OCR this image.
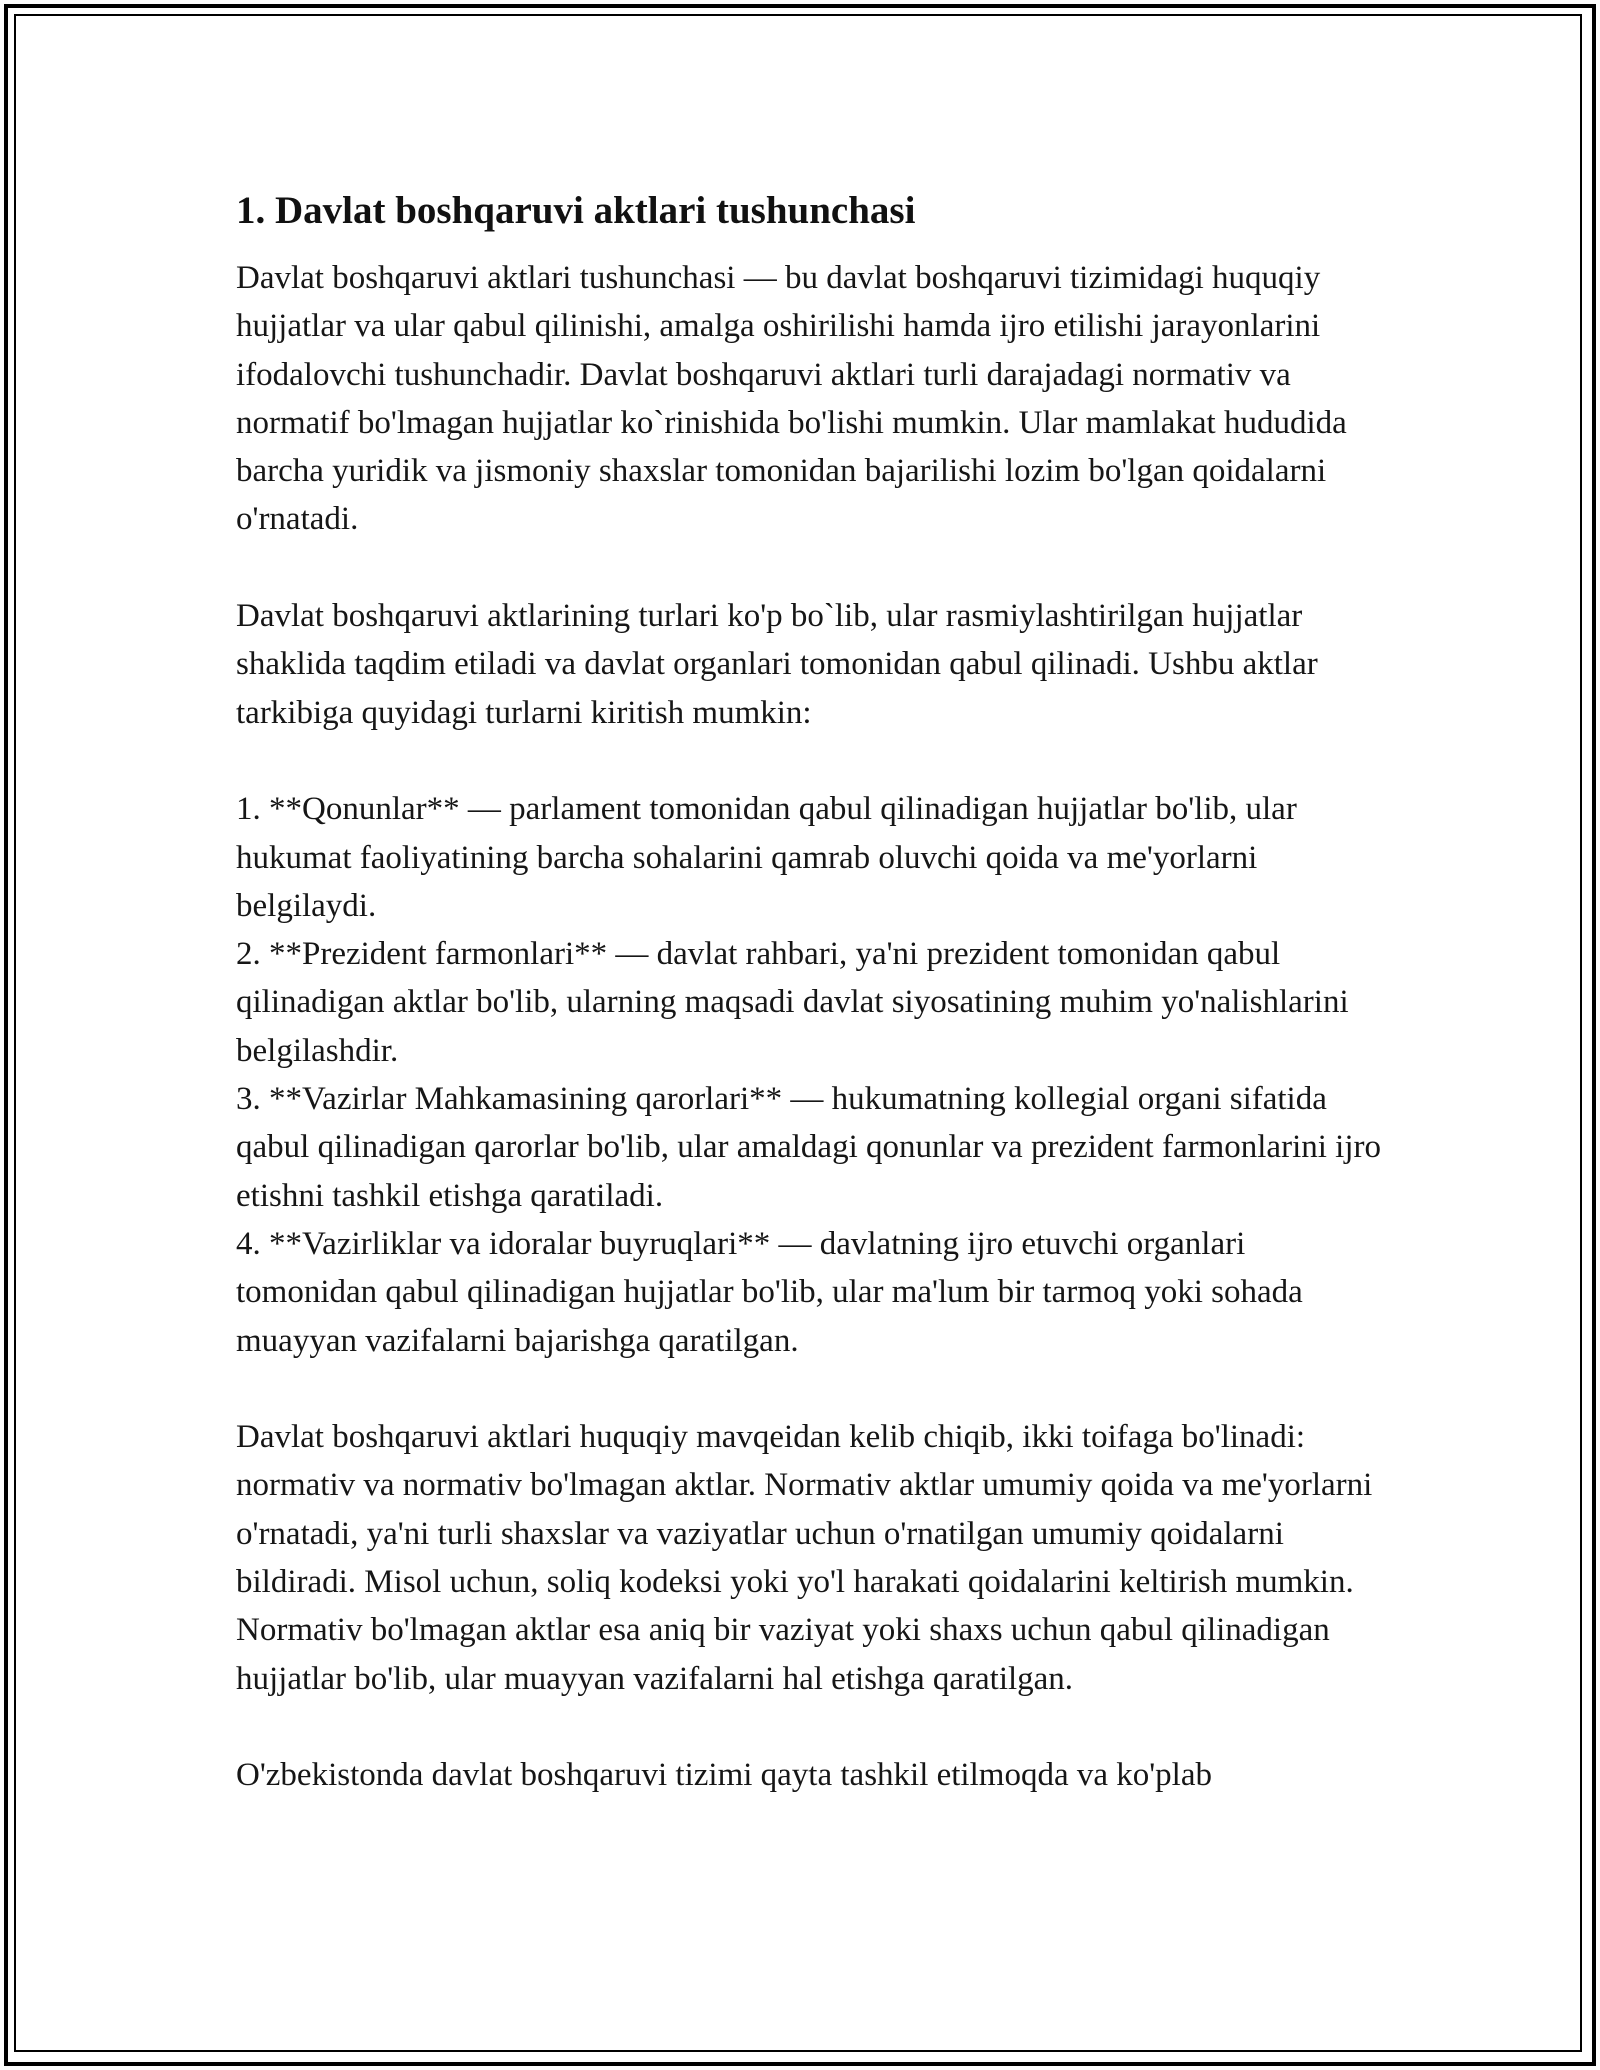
1. Davlat boshqaruvi aktlari tushunchasi

Davlat boshqaruvi aktlari tushunchasi — bu davlat boshqaruvi tizimidagi huquqiy hujjatlar va ular qabul qilinishi, amalga oshirilishi hamda ijro etilishi jarayonlarini ifodalovchi tushunchadir. Davlat boshqaruvi aktlari turli darajadagi normativ va normatif bo'lmagan hujjatlar ko`rinishida bo'lishi mumkin. Ular mamlakat hududida barcha yuridik va jismoniy shaxslar tomonidan bajarilishi lozim bo'lgan qoidalarni o'rnatadi.

Davlat boshqaruvi aktlarining turlari ko'p bo`lib, ular rasmiylashtirilgan hujjatlar shaklida taqdim etiladi va davlat organlari tomonidan qabul qilinadi. Ushbu aktlar tarkibiga quyidagi turlarni kiritish mumkin:

1. **Qonunlar** — parlament tomonidan qabul qilinadigan hujjatlar bo'lib, ular hukumat faoliyatining barcha sohalarini qamrab oluvchi qoida va me'yorlarni belgilaydi.

2. **Prezident farmonlari** — davlat rahbari, ya'ni prezident tomonidan qabul qilinadigan aktlar bo'lib, ularning maqsadi davlat siyosatining muhim yo'nalishlarini belgilashdir.

3. **Vazirlar Mahkamasining qarorlari** — hukumatning kollegial organi sifatida qabul qilinadigan qarorlar bo'lib, ular amaldagi qonunlar va prezident farmonlarini ijro etishni tashkil etishga qaratiladi.

4. **Vazirliklar va idoralar buyruqlari** — davlatning ijro etuvchi organlari tomonidan qabul qilinadigan hujjatlar bo'lib, ular ma'lum bir tarmoq yoki sohada muayyan vazifalarni bajarishga qaratilgan.

Davlat boshqaruvi aktlari huquqiy mavqeidan kelib chiqib, ikki toifaga bo'linadi: normativ va normativ bo'lmagan aktlar. Normativ aktlar umumiy qoida va me'yorlarni o'rnatadi, ya'ni turli shaxslar va vaziyatlar uchun o'rnatilgan umumiy qoidalarni bildiradi. Misol uchun, soliq kodeksi yoki yo'l harakati qoidalarini keltirish mumkin. Normativ bo'lmagan aktlar esa aniq bir vaziyat yoki shaxs uchun qabul qilinadigan hujjatlar bo'lib, ular muayyan vazifalarni hal etishga qaratilgan.

O'zbekistonda davlat boshqaruvi tizimi qayta tashkil etilmoqda va ko'plab
